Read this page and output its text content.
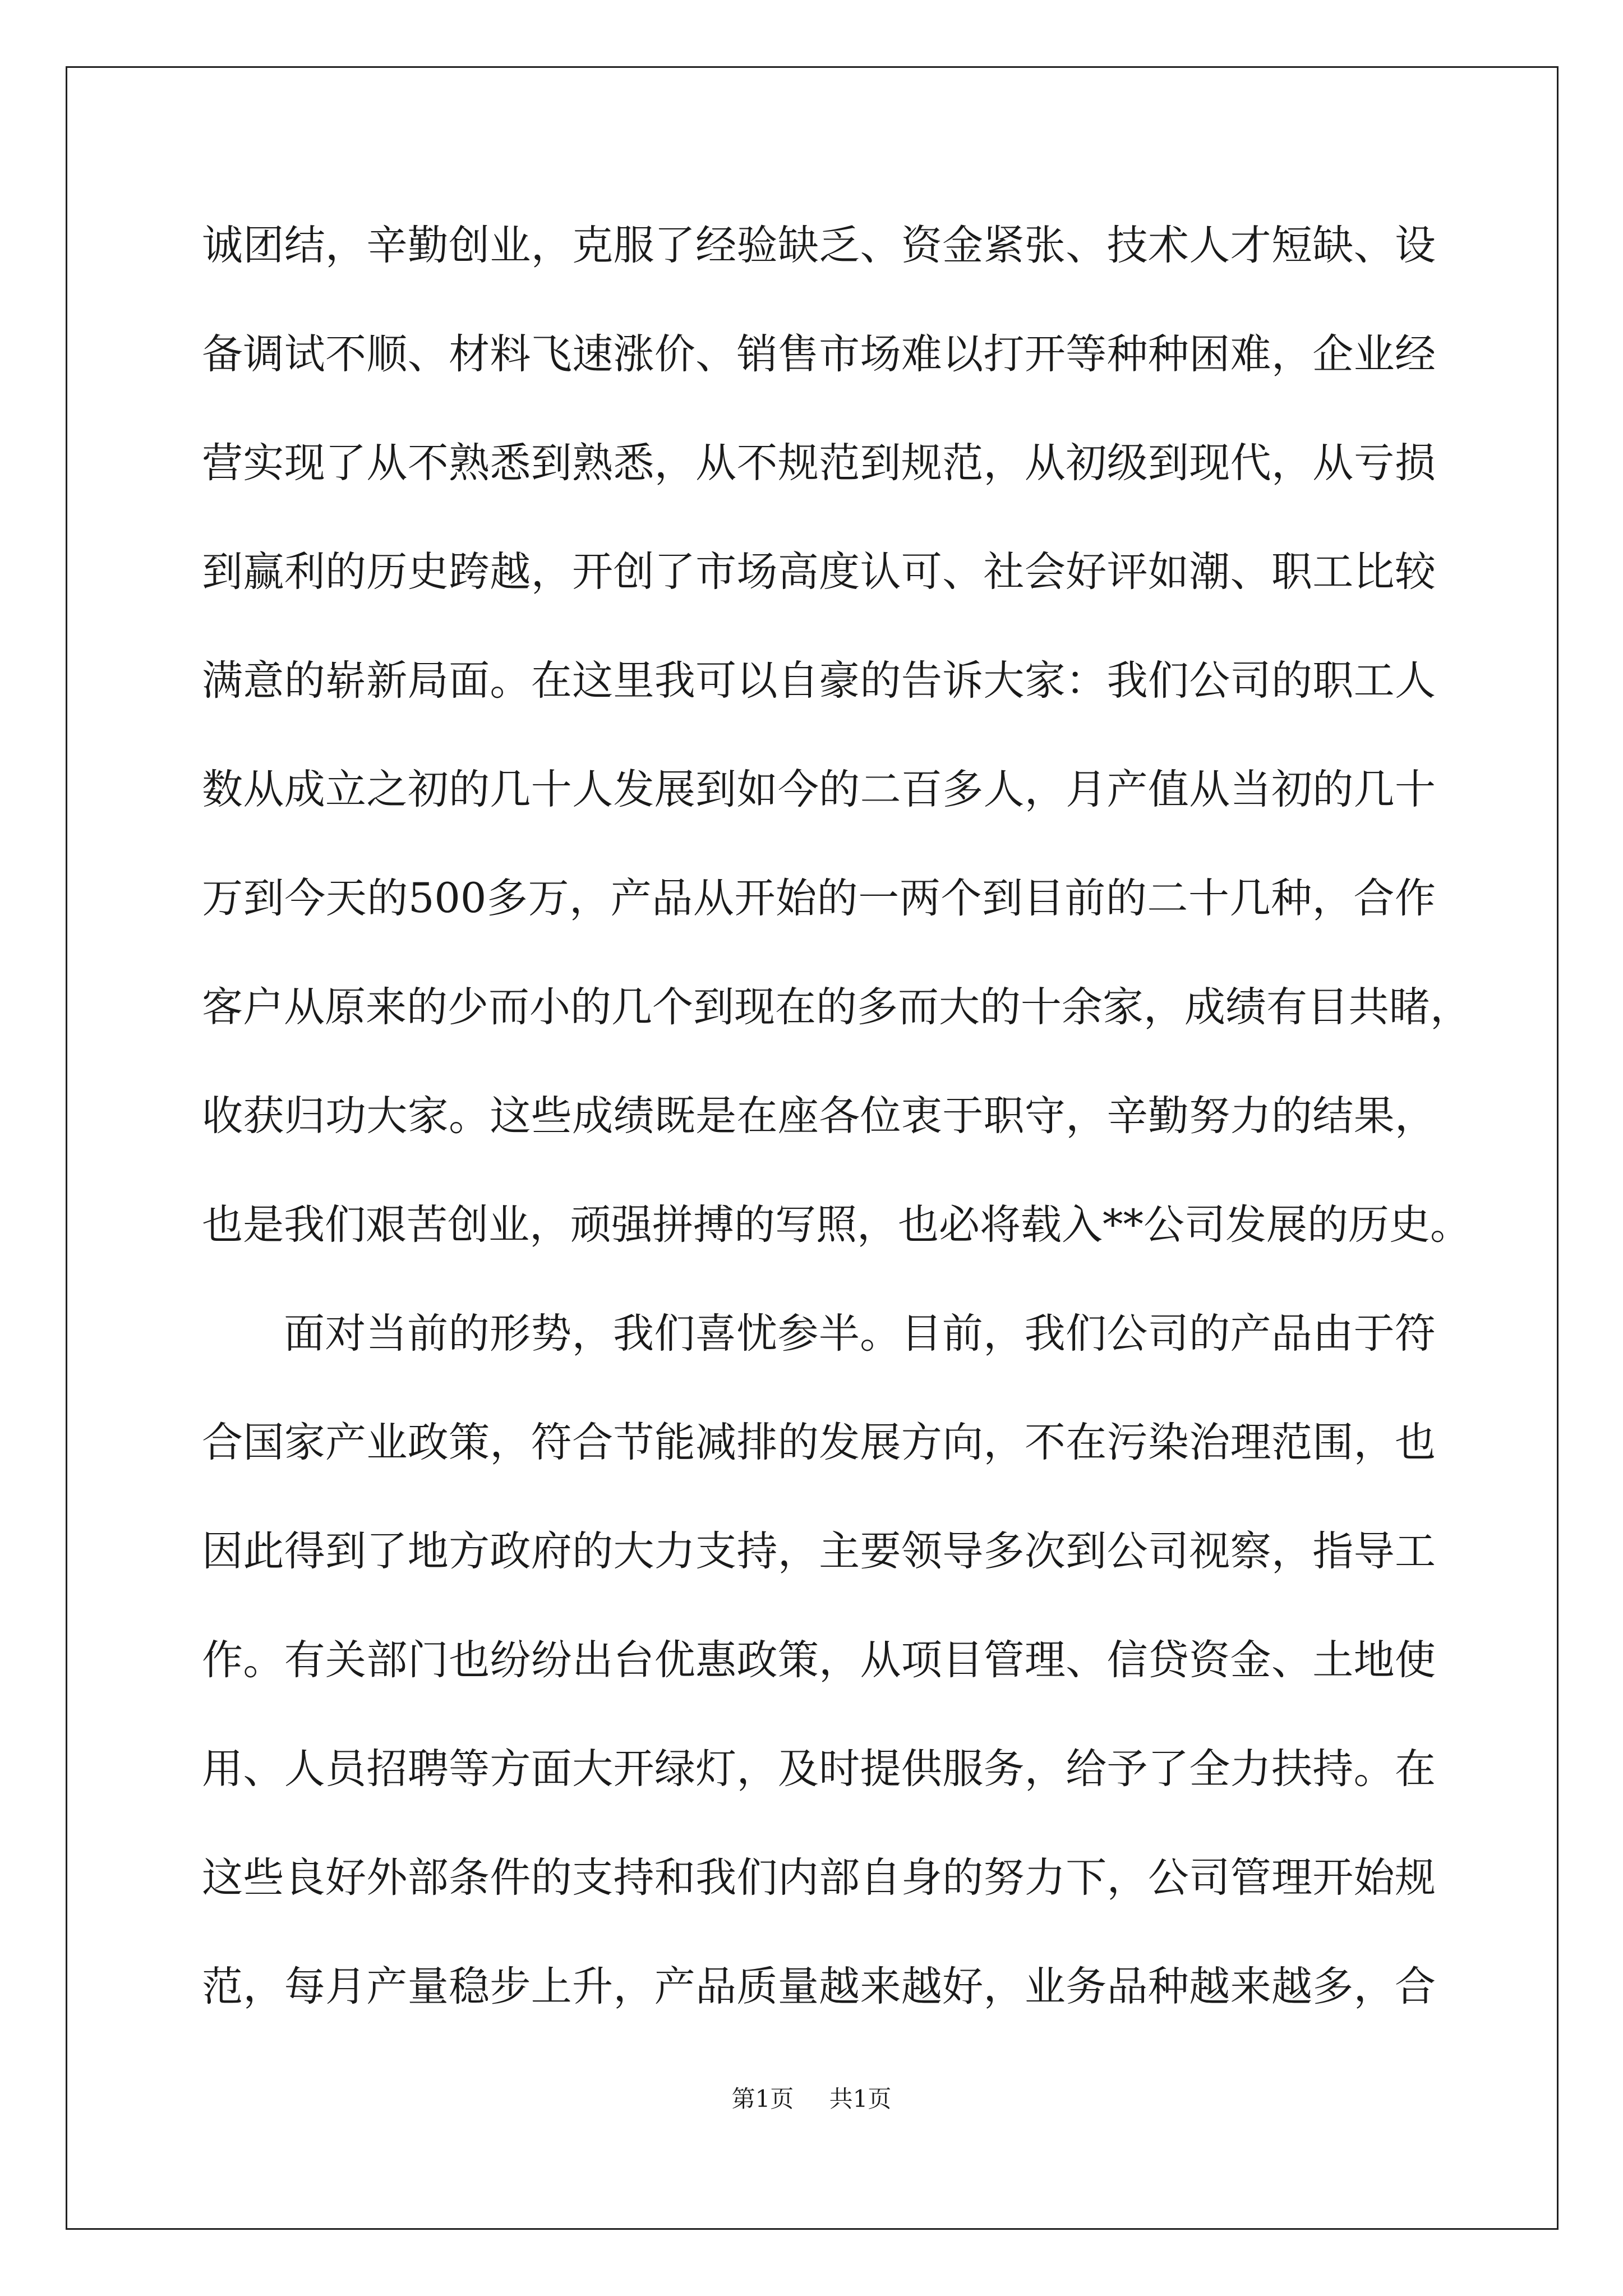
诚团结，辛勤创业，克服了经验缺乏、资金紧张、技术人才短缺、设
备调试不顺、材料飞速涨价、销售市场难以打开等种种困难，企业经
营实现了从不熟悉到熟悉，从不规范到规范，从初级到现代，从亏损
到赢利的历史跨越，开创了市场高度认可、社会好评如潮、职工比较
满意的崭新局面。在这里我可以自豪的告诉大家：我们公司的职工人
数从成立之初的几十人发展到如今的二百多人，月产值从当初的几十
万到今天的500多万，产品从开始的一两个到目前的二十几种，合作
客户从原来的少而小的几个到现在的多而大的十余家，成绩有目共睹，
收获归功大家。这些成绩既是在座各位衷于职守，辛勤努力的结果，
也是我们艰苦创业，顽强拼搏的写照，也必将载入**公司发展的历史。
面对当前的形势，我们喜忧参半。目前，我们公司的产品由于符
合国家产业政策，符合节能减排的发展方向，不在污染治理范围，也
因此得到了地方政府的大力支持，主要领导多次到公司视察，指导工
作。有关部门也纷纷出台优惠政策，从项目管理、信贷资金、土地使
用、人员招聘等方面大开绿灯，及时提供服务，给予了全力扶持。在
这些良好外部条件的支持和我们内部自身的努力下，公司管理开始规
范，每月产量稳步上升，产品质量越来越好，业务品种越来越多，合
第1页 共1页
